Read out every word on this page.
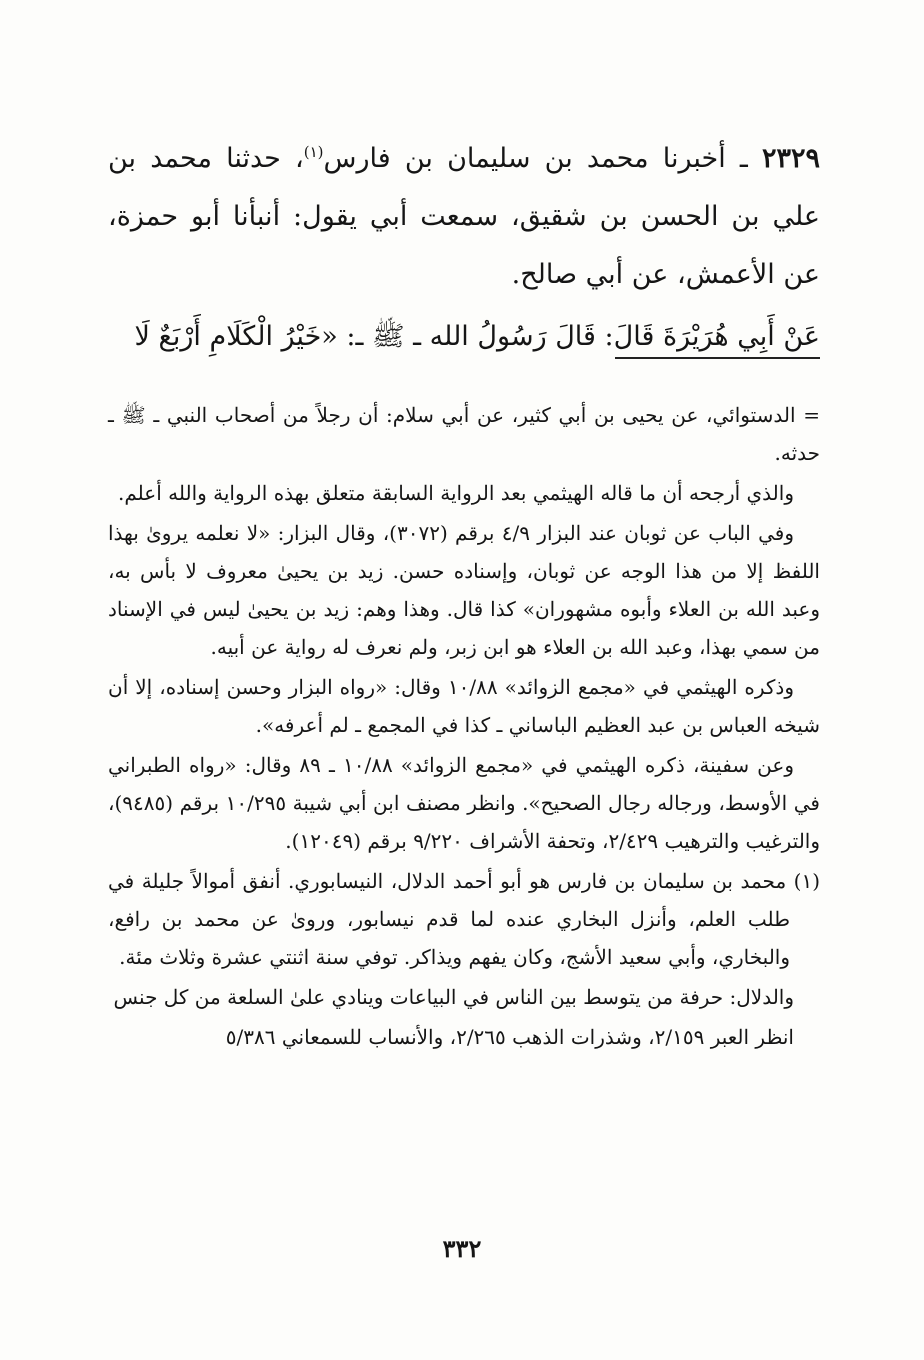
٢٣٢٩ ـ أخبرنا محمد بن سليمان بن فارس$^{(١)}$، حدثنا محمد بن علي بن الحسن بن شقيق، سمعت أبي يقول: أنبأنا أبو حمزة، عن الأعمش، عن أبي صالح.

عَنْ أَبِي هُرَيْرَةَ قَالَ: قَالَ رَسُولُ الله ـ ﷺ ـ: «خَيْرُ الْكَلَامِ أَرْبَعٌ لَا

= الدستوائي، عن يحيى بن أبي كثير، عن أبي سلام: أن رجلاً من أصحاب النبي ـ ﷺ ـ حدثه.

والذي أرجحه أن ما قاله الهيثمي بعد الرواية السابقة متعلق بهذه الرواية والله أعلم.

وفي الباب عن ثوبان عند البزار ٤/٩ برقم (٣٠٧٢)، وقال البزار: «لا نعلمه يروىٰ بهذا اللفظ إلا من هذا الوجه عن ثوبان، وإسناده حسن. زيد بن يحيىٰ معروف لا بأس به، وعبد الله بن العلاء وأبوه مشهوران» كذا قال. وهذا وهم: زيد بن يحيىٰ ليس في الإسناد من سمي بهذا، وعبد الله بن العلاء هو ابن زبر، ولم نعرف له رواية عن أبيه.

وذكره الهيثمي في «مجمع الزوائد» ١٠/٨٨ وقال: «رواه البزار وحسن إسناده، إلا أن شيخه العباس بن عبد العظيم الباساني ـ كذا في المجمع ـ لم أعرفه».

وعن سفينة، ذكره الهيثمي في «مجمع الزوائد» ١٠/٨٨ ـ ٨٩ وقال: «رواه الطبراني في الأوسط، ورجاله رجال الصحيح». وانظر مصنف ابن أبي شيبة ١٠/٢٩٥ برقم (٩٤٨٥)، والترغيب والترهيب ٢/٤٢٩، وتحفة الأشراف ٩/٢٢٠ برقم (١٢٠٤٩).

(١) محمد بن سليمان بن فارس هو أبو أحمد الدلال، النيسابوري. أنفق أموالاً جليلة في طلب العلم، وأنزل البخاري عنده لما قدم نيسابور، وروىٰ عن محمد بن رافع، والبخاري، وأبي سعيد الأشج، وكان يفهم ويذاكر. توفي سنة اثنتي عشرة وثلاث مئة.

والدلال: حرفة من يتوسط بين الناس في البياعات وينادي علىٰ السلعة من كل جنس

انظر العبر ٢/١٥٩، وشذرات الذهب ٢/٢٦٥، والأنساب للسمعاني ٥/٣٨٦

٣٣٢
